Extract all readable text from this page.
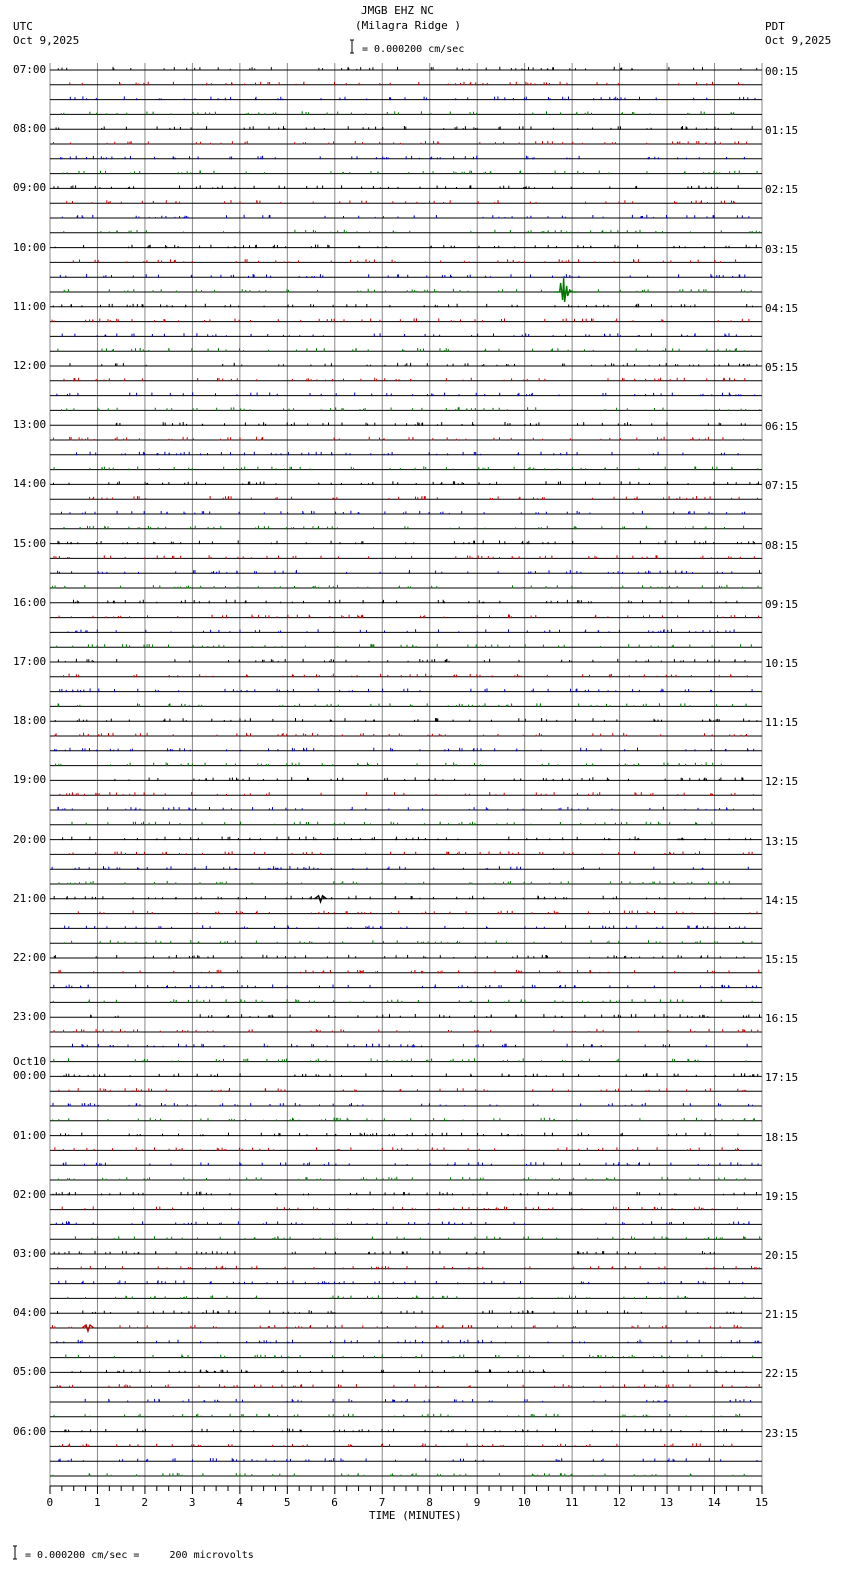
JMGB EHZ NC
(Milagra Ridge )
= 0.000200 cm/sec
UTC
Oct 9,2025
PDT
Oct 9,2025
07:00
08:00
09:00
10:00
11:00
12:00
13:00
14:00
15:00
16:00
17:00
18:00
19:00
20:00
21:00
22:00
23:00
00:00
Oct10
01:00
02:00
03:00
04:00
05:00
06:00
00:15
01:15
02:15
03:15
04:15
05:15
06:15
07:15
08:15
09:15
10:15
11:15
12:15
13:15
14:15
15:15
16:15
17:15
18:15
19:15
20:15
21:15
22:15
23:15
0	1	2	3	4	5	6	7	8	9	10	11	12	13	14	15
TIME (MINUTES)
= 0.000200 cm/sec =     200 microvolts
